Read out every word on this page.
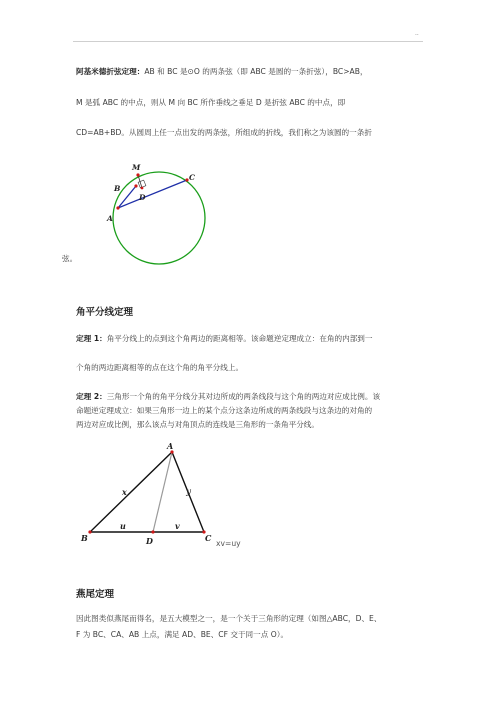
..
阿基米德折弦定理：AB 和 BC 是⊙O 的两条弦（即 ABC 是圆的一条折弦），BC>AB，
M 是弧 ABC 的中点，则从 M 向 BC 所作垂线之垂足 D 是折弦 ABC 的中点，即
CD=AB+BD。从圆周上任一点出发的两条弦，所组成的折线，我们称之为该圆的一条折
M
B
C
D
A
弦。
角平分线定理
定理 1：角平分线上的点到这个角两边的距离相等。该命题逆定理成立：在角的内部到一
个角的两边距离相等的点在这个角的角平分线上。
定理 2：三角形一个角的角平分线分其对边所成的两条线段与这个角的两边对应成比例。该
命题逆定理成立：如果三角形一边上的某个点分这条边所成的两条线段与这条边的对角的
两边对应成比例，那么该点与对角顶点的连线是三角形的一条角平分线。
A
B	C
D
x	y
u	v
xv=uy
燕尾定理
因此图类似燕尾而得名，是五大模型之一，是一个关于三角形的定理（如图△ABC，D、E、
F 为 BC、CA、AB 上点，满足 AD、BE、CF 交于同一点 O）。
